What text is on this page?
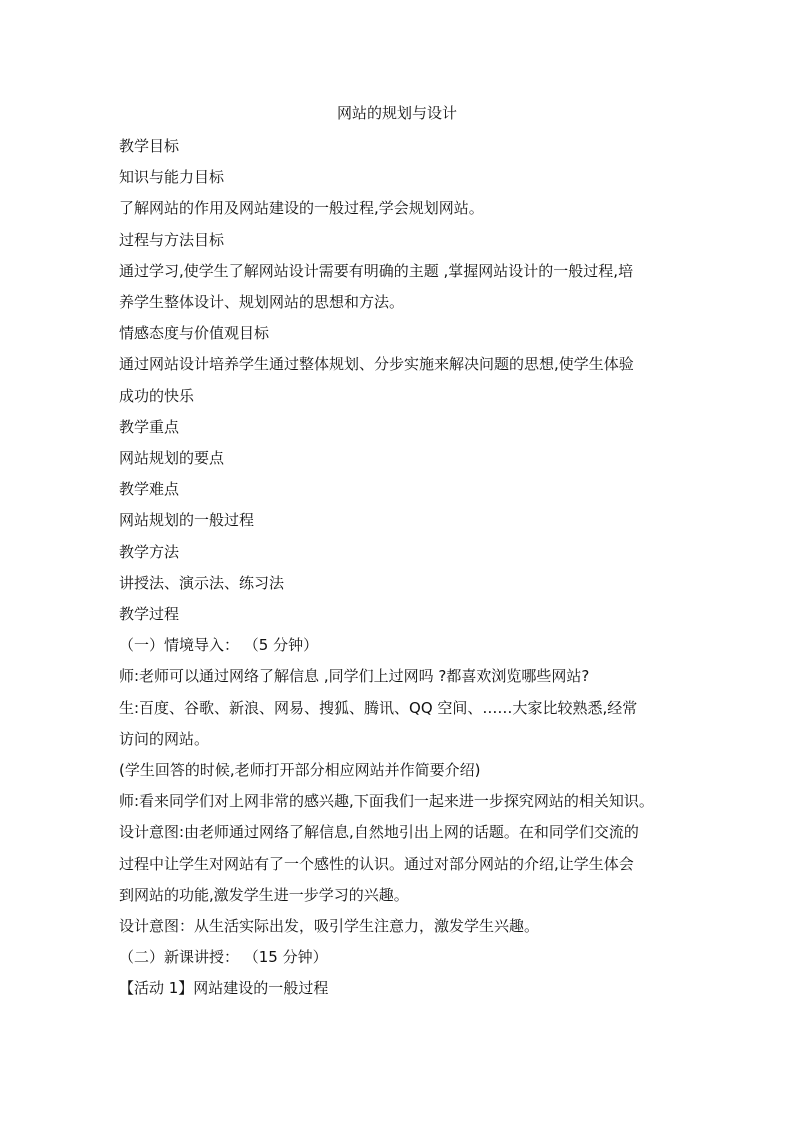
网站的规划与设计

教学目标

知识与能力目标

了解网站的作用及网站建设的一般过程,学会规划网站。

过程与方法目标

通过学习,使学生了解网站设计需要有明确的主题 ,掌握网站设计的一般过程,培

养学生整体设计、规划网站的思想和方法。

情感态度与价值观目标

通过网站设计培养学生通过整体规划、分步实施来解决问题的思想,使学生体验

成功的快乐

教学重点

网站规划的要点

教学难点

网站规划的一般过程

教学方法

讲授法、演示法、练习法

教学过程

（一）情境导入： （5 分钟）

师:老师可以通过网络了解信息 ,同学们上过网吗 ?都喜欢浏览哪些网站?

生:百度、谷歌、新浪、网易、搜狐、腾讯、QQ 空间、……大家比较熟悉,经常

访问的网站。

(学生回答的时候,老师打开部分相应网站并作简要介绍)

师:看来同学们对上网非常的感兴趣,下面我们一起来进一步探究网站的相关知识。

设计意图:由老师通过网络了解信息,自然地引出上网的话题。在和同学们交流的

过程中让学生对网站有了一个感性的认识。通过对部分网站的介绍,让学生体会

到网站的功能,激发学生进一步学习的兴趣。

设计意图：从生活实际出发，吸引学生注意力，激发学生兴趣。

（二）新课讲授： （15 分钟）

【活动 1】网站建设的一般过程
